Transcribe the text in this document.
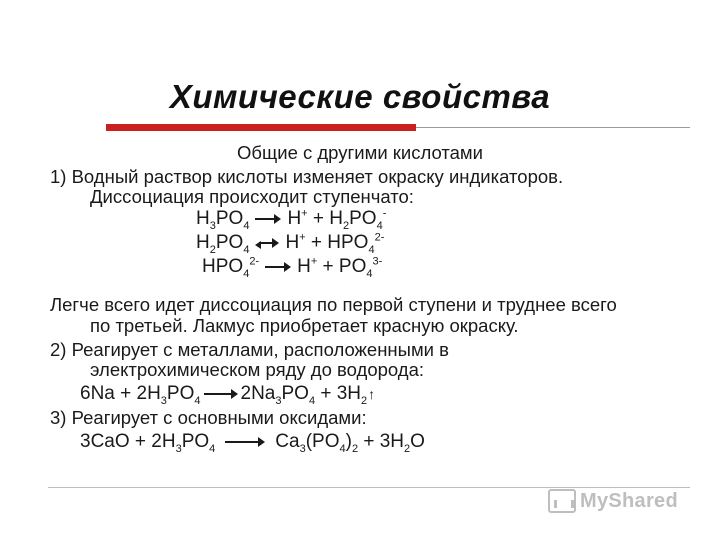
Химические свойства
Общие с другими кислотами
1) Водный раствор кислоты изменяет окраску индикаторов.
Диссоциация происходит ступенчато:
$H_3PO_4$ $H^+ + H_2PO_4^-$
$H_2PO_4$ $H^+ + HPO_4^{2-}$
$HPO_4^{2-}$ $H^+ + PO_4^{3-}$
Легче всего идет диссоциация по первой ступени и труднее всего
по третьей. Лакмус приобретает красную окраску.
2) Реагирует с металлами, расположенными в
электрохимическом ряду до водорода:
$6Na + 2H_3PO_4$ $2Na_3PO_4$ + $3H_2↑$
3) Реагирует с основными оксидами:
$3CaO + 2H_3PO_4$	$Ca_3(PO_4)_2 + 3H_2O$
MyShared
